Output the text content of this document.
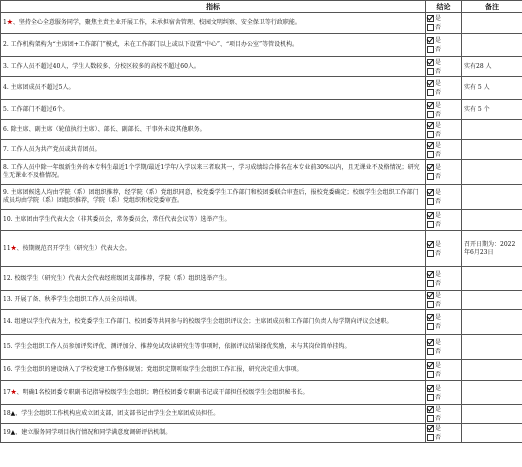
指标	结论	备注
1★、坚持全心全意服务同学，聚焦主责主业开展工作，未承担宿舍管理、校园文明纠察、安全保卫等行政职能。	是
否	

2. 工作机构架构为“主席团+工作部门”模式，未在工作部门以上或以下设置“中心”、“项目办公室”等管设机构。	是
否	

3. 工作人员不超过40人，学生人数较多、分校区较多的高校不超过60人。	是
否	实有28 人
4. 主席团成员不超过5人。	是
否	实有 5 人
5. 工作部门不超过6个。	是
否	实有 5 个
6. 除主席、副主席（轮值执行主席）、部长、副部长、干事外未设其他职务。	是
否	

7. 工作人员为共产党员或共青团员。	是
否	

8. 工作人员中除一年级新生外的本专科生最近1个学期/最近1学年/入学以来三者取其一，学习成绩综合排名在本专业前30%以内，且无课业不及格情况；研究生无课业不及格情况。	是
否	

9. 主席团候选人均由学院（系）团组织推荐，经学院（系）党组织同意，校党委学生工作部门和校团委联合审查后，报校党委确定；校级学生会组织工作部门成员均由学院（系）团组织推荐，学院（系）党组织和校党委审查。	是
否	

10. 主席团由学生代表大会（非其委员会，常务委员会，常任代表会议等）选举产生。	是
否	

11★、按期规范召开学生（研究生）代表大会。	是
否	召开日期为：2022年6月23日
12. 校级学生（研究生）代表大会代表经班级团支部推荐，学院（系）组织选举产生。	是
否	

13. 开展了备、秋季学生会组织工作人员全员培训。	是
否	

14. 组建以学生代表为主，校党委学生工作部门、校团委等共同参与的校级学生会组织评议会；主席团成员和工作部门负责人每学期向评议会述职。	是
否	

15. 学生会组织工作人员参加评奖评优、测评加分、推荐免试攻读研究生等事项时，依据评议结果择优奖励，未与其岗位简单挂钩。	是
否	

16. 学生会组织的建设纳入了学校党建工作整体规划；党组织定期听取学生会组织工作汇报，研究决定重大事项。	是
否	

17★、明确1名校团委专职副书记指导校级学生会组织；聘任校团委专职副书记或干部担任校级学生会组织秘书长。	是
否	

18▲、学生会组织工作机构应成立团支部，团支部书记由学生会主席团成员担任。	是
否	

19▲、建立服务同学项目执行情况和同学满意度调研评估机制。	是
否	
